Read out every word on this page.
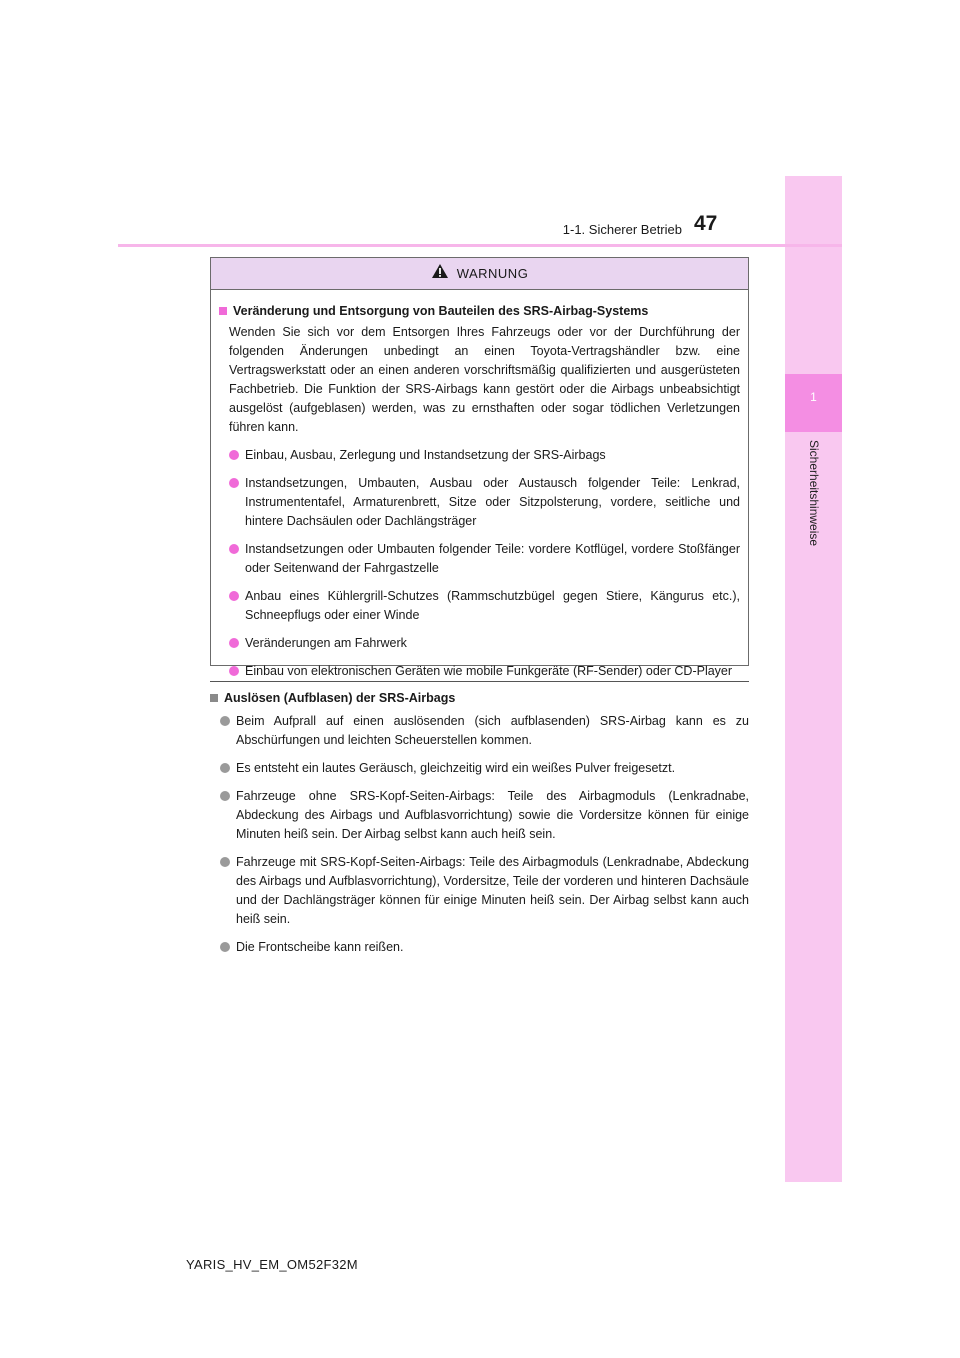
1
Sicherheitshinweise
1-1. Sicherer Betrieb 47
WARNUNG
Veränderung und Entsorgung von Bauteilen des SRS-Airbag-Systems
Wenden Sie sich vor dem Entsorgen Ihres Fahrzeugs oder vor der Durchführung der folgenden Änderungen unbedingt an einen Toyota-Vertragshändler bzw. eine Vertragswerkstatt oder an einen anderen vorschriftsmäßig qualifizierten und ausgerüsteten Fachbetrieb. Die Funktion der SRS-Airbags kann gestört oder die Airbags unbeabsichtigt ausgelöst (aufgeblasen) werden, was zu ernsthaften oder sogar tödlichen Verletzungen führen kann.
Einbau, Ausbau, Zerlegung und Instandsetzung der SRS-Airbags
Instandsetzungen, Umbauten, Ausbau oder Austausch folgender Teile: Lenkrad, Instrumententafel, Armaturenbrett, Sitze oder Sitzpolsterung, vordere, seitliche und hintere Dachsäulen oder Dachlängsträger
Instandsetzungen oder Umbauten folgender Teile: vordere Kotflügel, vordere Stoßfänger oder Seitenwand der Fahrgastzelle
Anbau eines Kühlergrill-Schutzes (Rammschutzbügel gegen Stiere, Kängurus etc.), Schneepflugs oder einer Winde
Veränderungen am Fahrwerk
Einbau von elektronischen Geräten wie mobile Funkgeräte (RF-Sender) oder CD-Player
Auslösen (Aufblasen) der SRS-Airbags
Beim Aufprall auf einen auslösenden (sich aufblasenden) SRS-Airbag kann es zu Abschürfungen und leichten Scheuerstellen kommen.
Es entsteht ein lautes Geräusch, gleichzeitig wird ein weißes Pulver freigesetzt.
Fahrzeuge ohne SRS-Kopf-Seiten-Airbags: Teile des Airbagmoduls (Lenkradnabe, Abdeckung des Airbags und Aufblasvorrichtung) sowie die Vordersitze können für einige Minuten heiß sein. Der Airbag selbst kann auch heiß sein.
Fahrzeuge mit SRS-Kopf-Seiten-Airbags: Teile des Airbagmoduls (Lenkradnabe, Abdeckung des Airbags und Aufblasvorrichtung), Vordersitze, Teile der vorderen und hinteren Dachsäule und der Dachlängsträger können für einige Minuten heiß sein. Der Airbag selbst kann auch heiß sein.
Die Frontscheibe kann reißen.
YARIS_HV_EM_OM52F32M
